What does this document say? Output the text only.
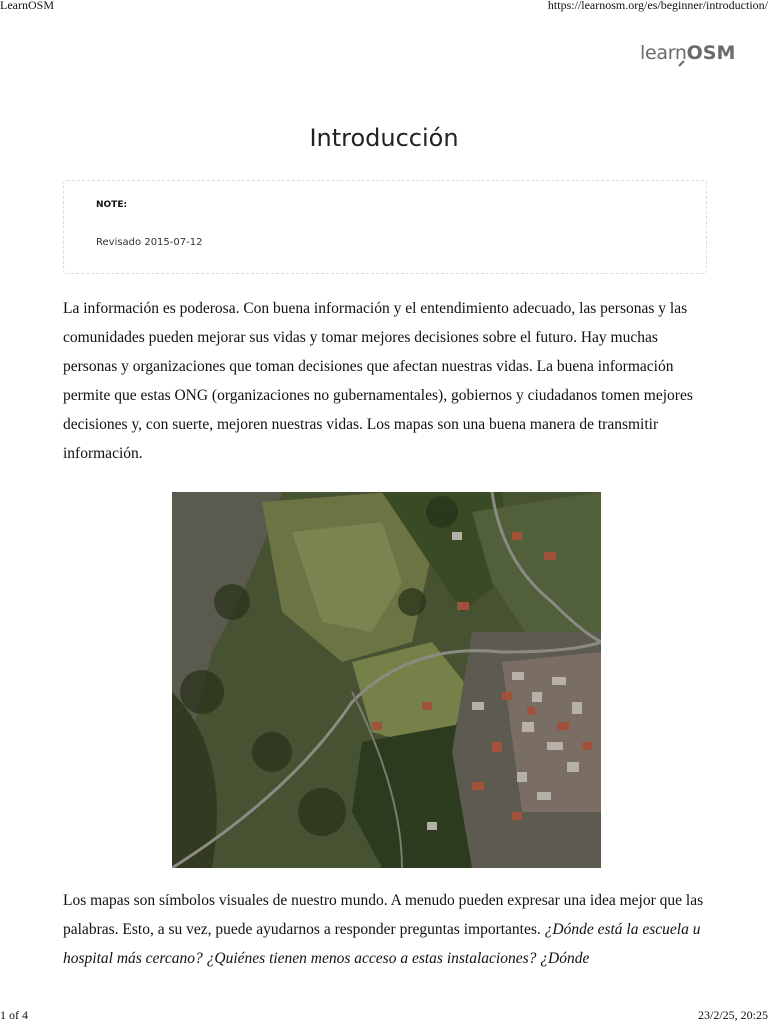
LearnOSM	https://learnosm.org/es/beginner/introduction/
learnOSM
Introducción
NOTE:
Revisado 2015-07-12

La información es poderosa. Con buena información y el entendimiento adecuado, las personas y las comunidades pueden mejorar sus vidas y tomar mejores decisiones sobre el futuro. Hay muchas personas y organizaciones que toman decisiones que afectan nuestras vidas. La buena información permite que estas ONG (organizaciones no gubernamentales), gobiernos y ciudadanos tomen mejores decisiones y, con suerte, mejoren nuestras vidas. Los mapas son una buena manera de transmitir información.

Los mapas son símbolos visuales de nuestro mundo. A menudo pueden expresar una idea mejor que las palabras. Esto, a su vez, puede ayudarnos a responder preguntas importantes. ¿Dónde está la escuela u hospital más cercano? ¿Quiénes tienen menos acceso a estas instalaciones? ¿Dónde

1 of 4	23/2/25, 20:25
